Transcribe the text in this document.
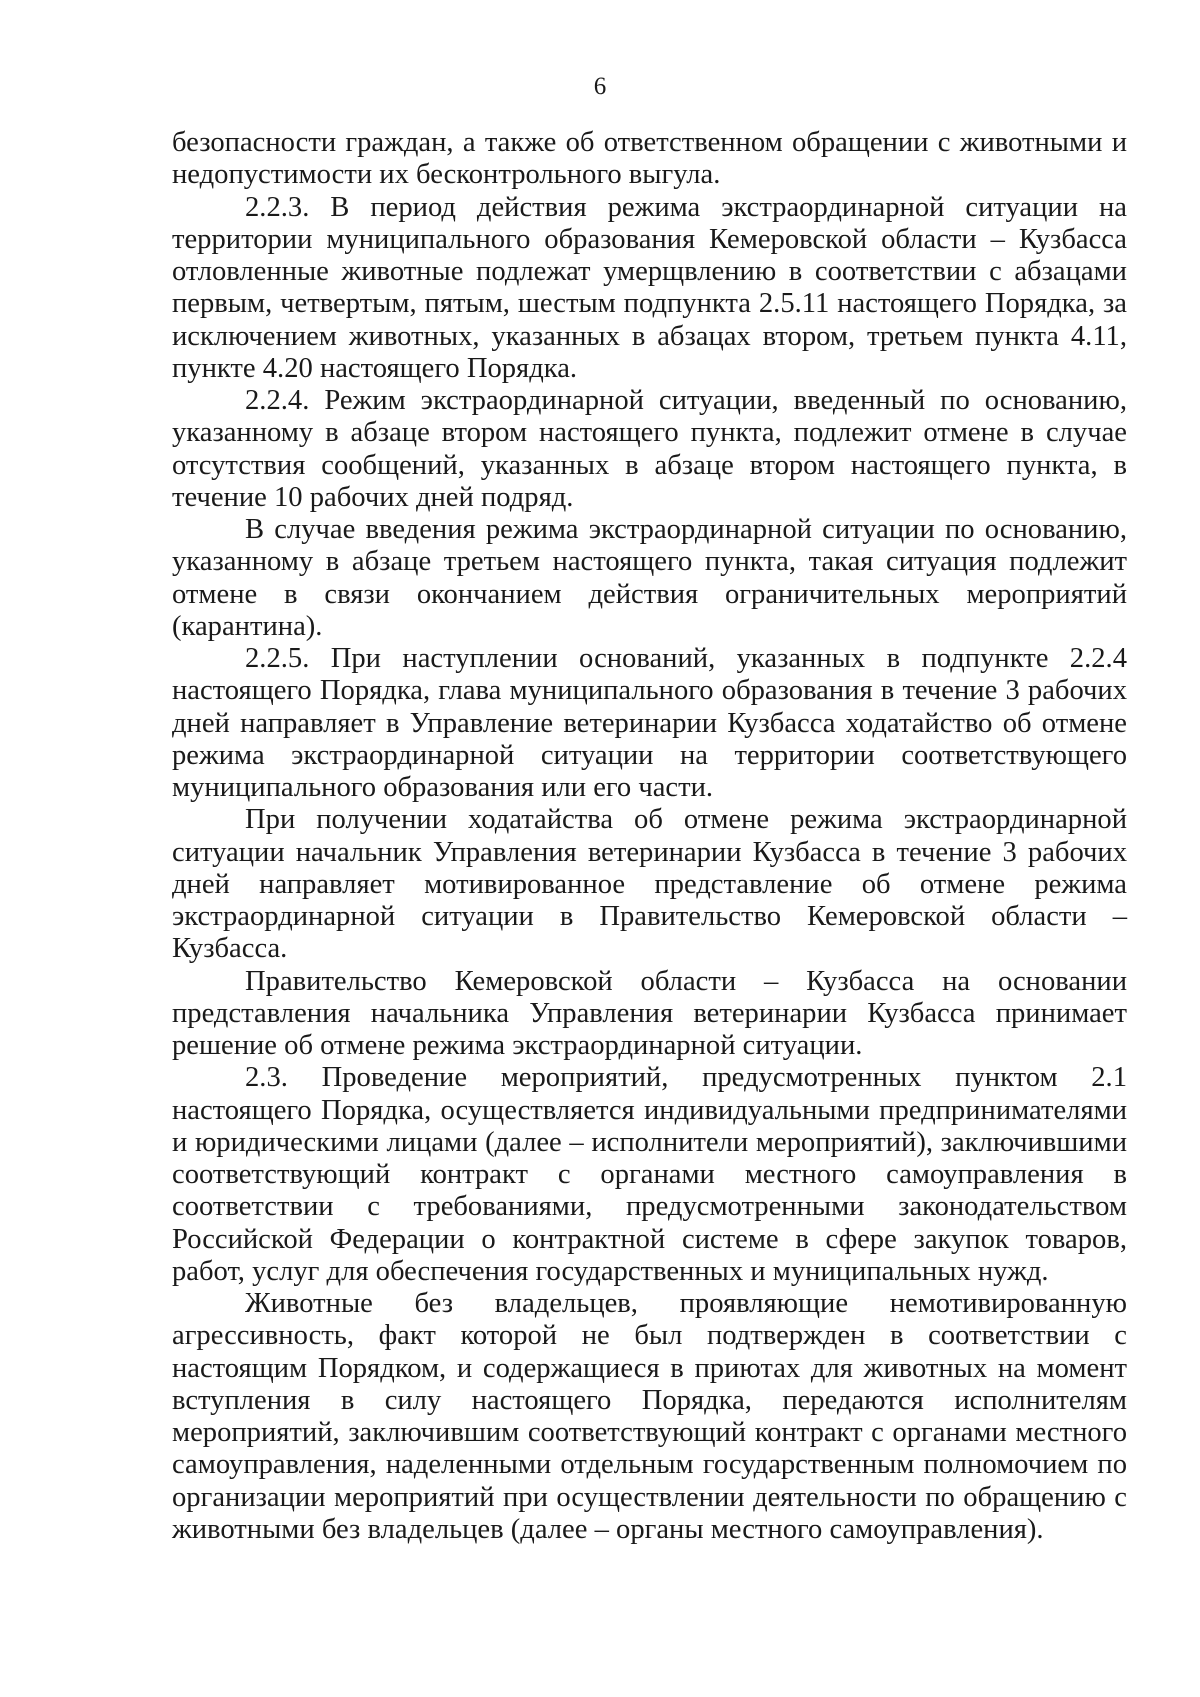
6

безопасности граждан, а также об ответственном обращении с животными и недопустимости их бесконтрольного выгула.

2.2.3. В период действия режима экстраординарной ситуации на территории муниципального образования Кемеровской области – Кузбасса отловленные животные подлежат умерщвлению в соответствии с абзацами первым, четвертым, пятым, шестым подпункта 2.5.11 настоящего Порядка, за исключением животных, указанных в абзацах втором, третьем пункта 4.11, пункте 4.20 настоящего Порядка.

2.2.4. Режим экстраординарной ситуации, введенный по основанию, указанному в абзаце втором настоящего пункта, подлежит отмене в случае отсутствия сообщений, указанных в абзаце втором настоящего пункта, в течение 10 рабочих дней подряд.

В случае введения режима экстраординарной ситуации по основанию, указанному в абзаце третьем настоящего пункта, такая ситуация подлежит отмене в связи окончанием действия ограничительных мероприятий (карантина).

2.2.5. При наступлении оснований, указанных в подпункте 2.2.4 настоящего Порядка, глава муниципального образования в течение 3 рабочих дней направляет в Управление ветеринарии Кузбасса ходатайство об отмене режима экстраординарной ситуации на территории соответствующего муниципального образования или его части.

При получении ходатайства об отмене режима экстраординарной ситуации начальник Управления ветеринарии Кузбасса в течение 3 рабочих дней направляет мотивированное представление об отмене режима экстраординарной ситуации в Правительство Кемеровской области – Кузбасса.

Правительство Кемеровской области – Кузбасса на основании представления начальника Управления ветеринарии Кузбасса принимает решение об отмене режима экстраординарной ситуации.

2.3. Проведение мероприятий, предусмотренных пунктом 2.1 настоящего Порядка, осуществляется индивидуальными предпринимателями и юридическими лицами (далее – исполнители мероприятий), заключившими соответствующий контракт с органами местного самоуправления в соответствии с требованиями, предусмотренными законодательством Российской Федерации о контрактной системе в сфере закупок товаров, работ, услуг для обеспечения государственных и муниципальных нужд.

Животные без владельцев, проявляющие немотивированную агрессивность, факт которой не был подтвержден в соответствии с настоящим Порядком, и содержащиеся в приютах для животных на момент вступления в силу настоящего Порядка, передаются исполнителям мероприятий, заключившим соответствующий контракт с органами местного самоуправления, наделенными отдельным государственным полномочием по организации мероприятий при осуществлении деятельности по обращению с животными без владельцев (далее – органы местного самоуправления).
